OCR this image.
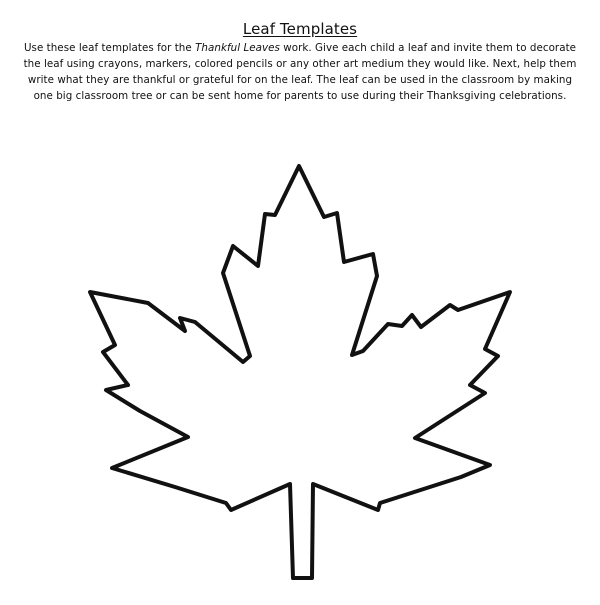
Leaf Templates
Use these leaf templates for the Thankful Leaves work. Give each child a leaf and invite them to decorate the leaf using crayons, markers, colored pencils or any other art medium they would like. Next, help them write what they are thankful or grateful for on the leaf. The leaf can be used in the classroom by making one big classroom tree or can be sent home for parents to use during their Thanksgiving celebrations.
